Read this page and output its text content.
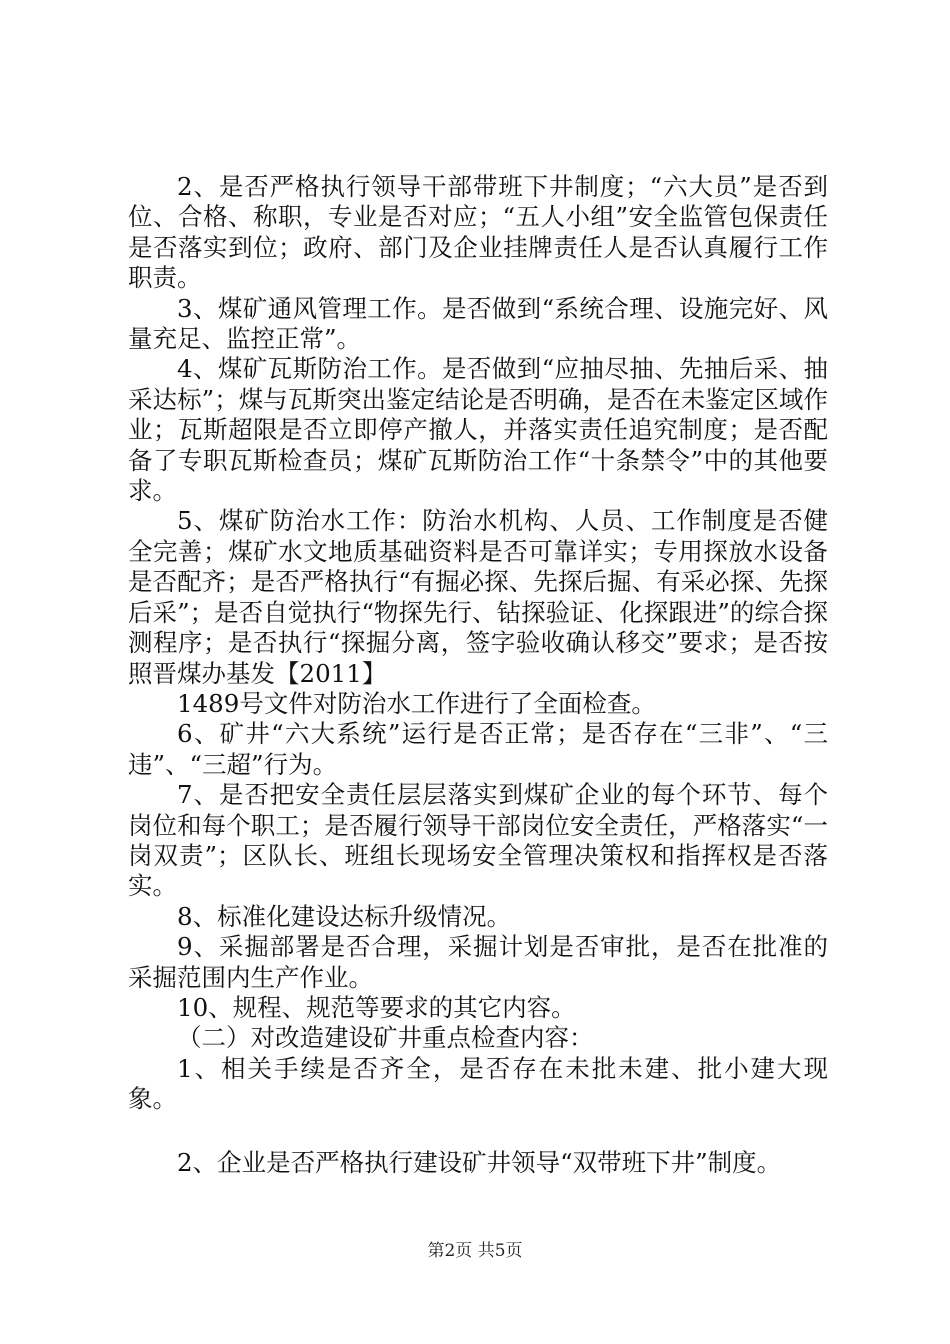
2、是否严格执行领导干部带班下井制度；“六大员”是否到位、合格、称职，专业是否对应；“五人小组”安全监管包保责任是否落实到位；政府、部门及企业挂牌责任人是否认真履行工作职责。

3、煤矿通风管理工作。是否做到“系统合理、设施完好、风量充足、监控正常”。

4、煤矿瓦斯防治工作。是否做到“应抽尽抽、先抽后采、抽采达标”；煤与瓦斯突出鉴定结论是否明确，是否在未鉴定区域作业；瓦斯超限是否立即停产撤人，并落实责任追究制度；是否配备了专职瓦斯检查员；煤矿瓦斯防治工作“十条禁令”中的其他要求。

5、煤矿防治水工作：防治水机构、人员、工作制度是否健全完善；煤矿水文地质基础资料是否可靠详实；专用探放水设备是否配齐；是否严格执行“有掘必探、先探后掘、有采必探、先探后采”；是否自觉执行“物探先行、钻探验证、化探跟进”的综合探测程序；是否执行“探掘分离，签字验收确认移交”要求；是否按照晋煤办基发【2011】

1489号文件对防治水工作进行了全面检查。

6、矿井“六大系统”运行是否正常；是否存在“三非”、“三违”、“三超”行为。

7、是否把安全责任层层落实到煤矿企业的每个环节、每个岗位和每个职工；是否履行领导干部岗位安全责任，严格落实“一岗双责”；区队长、班组长现场安全管理决策权和指挥权是否落实。

8、标准化建设达标升级情况。

9、采掘部署是否合理，采掘计划是否审批，是否在批准的采掘范围内生产作业。

10、规程、规范等要求的其它内容。

（二）对改造建设矿井重点检查内容：

1、相关手续是否齐全，是否存在未批未建、批小建大现象。

2、企业是否严格执行建设矿井领导“双带班下井”制度。

第2页 共5页
